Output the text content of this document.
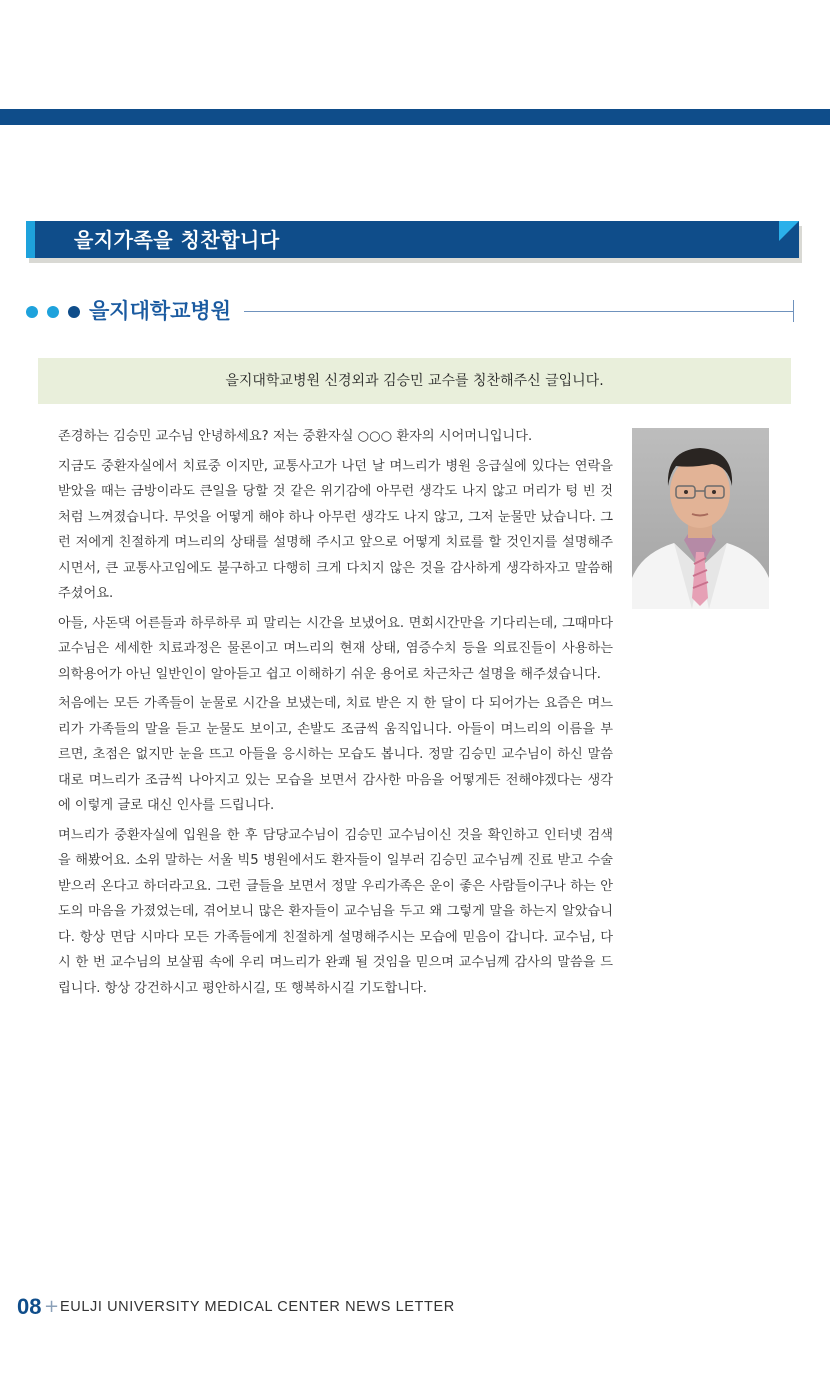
을지가족을 칭찬합니다
을지대학교병원
을지대학교병원 신경외과 김승민 교수를 칭찬해주신 글입니다.

존경하는 김승민 교수님 안녕하세요? 저는 중환자실 ○○○ 환자의 시어머니입니다.

지금도 중환자실에서 치료중 이지만, 교통사고가 나던 날 며느리가 병원 응급실에 있다는 연락을 받았을 때는 금방이라도 큰일을 당할 것 같은 위기감에 아무런 생각도 나지 않고 머리가 텅 빈 것처럼 느껴졌습니다. 무엇을 어떻게 해야 하나 아무런 생각도 나지 않고, 그저 눈물만 났습니다. 그런 저에게 친절하게 며느리의 상태를 설명해 주시고 앞으로 어떻게 치료를 할 것인지를 설명해주시면서, 큰 교통사고임에도 불구하고 다행히 크게 다치지 않은 것을 감사하게 생각하자고 말씀해주셨어요.

아들, 사돈댁 어른들과 하루하루 피 말리는 시간을 보냈어요. 면회시간만을 기다리는데, 그때마다 교수님은 세세한 치료과정은 물론이고 며느리의 현재 상태, 염증수치 등을 의료진들이 사용하는 의학용어가 아닌 일반인이 알아듣고 쉽고 이해하기 쉬운 용어로 차근차근 설명을 해주셨습니다.

처음에는 모든 가족들이 눈물로 시간을 보냈는데, 치료 받은 지 한 달이 다 되어가는 요즘은 며느리가 가족들의 말을 듣고 눈물도 보이고, 손발도 조금씩 움직입니다. 아들이 며느리의 이름을 부르면, 초점은 없지만 눈을 뜨고 아들을 응시하는 모습도 봅니다. 정말 김승민 교수님이 하신 말씀대로 며느리가 조금씩 나아지고 있는 모습을 보면서 감사한 마음을 어떻게든 전해야겠다는 생각에 이렇게 글로 대신 인사를 드립니다.

며느리가 중환자실에 입원을 한 후 담당교수님이 김승민 교수님이신 것을 확인하고 인터넷 검색을 해봤어요. 소위 말하는 서울 빅5 병원에서도 환자들이 일부러 김승민 교수님께 진료 받고 수술 받으러 온다고 하더라고요. 그런 글들을 보면서 정말 우리가족은 운이 좋은 사람들이구나 하는 안도의 마음을 가졌었는데, 겪어보니 많은 환자들이 교수님을 두고 왜 그렇게 말을 하는지 알았습니다. 항상 면담 시마다 모든 가족들에게 친절하게 설명해주시는 모습에 믿음이 갑니다. 교수님, 다시 한 번 교수님의 보살핌 속에 우리 며느리가 완쾌 될 것임을 믿으며 교수님께 감사의 말씀을 드립니다. 항상 강건하시고 평안하시길, 또 행복하시길 기도합니다.

08 + EULJI UNIVERSITY MEDICAL CENTER NEWS LETTER
